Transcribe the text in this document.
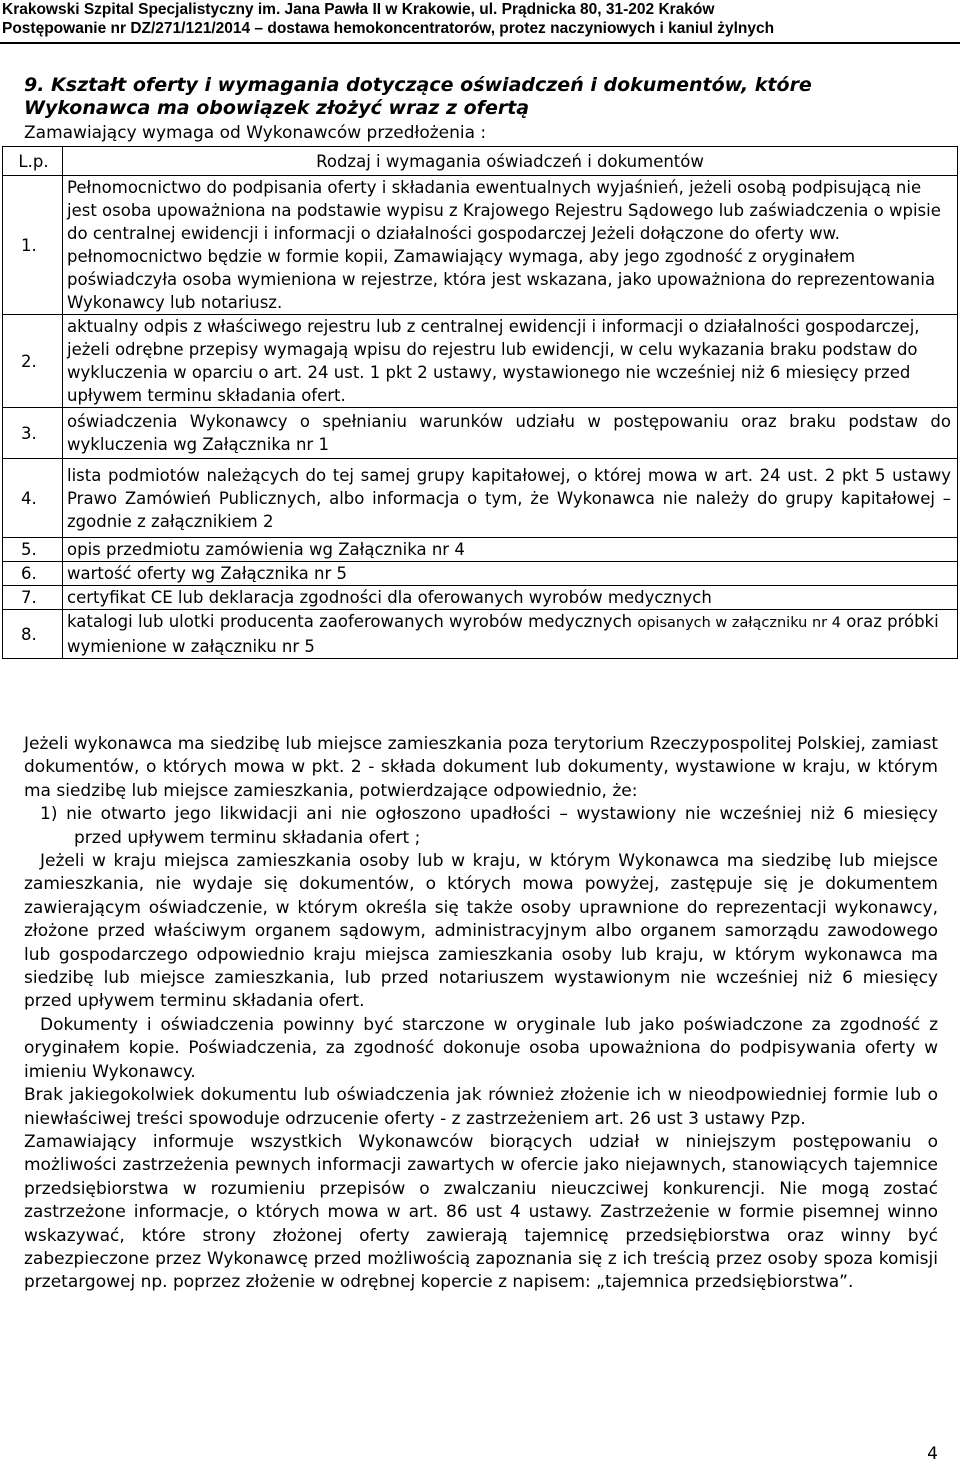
Krakowski Szpital Specjalistyczny im. Jana Pawła II w Krakowie, ul. Prądnicka 80, 31-202 Kraków
Postępowanie nr DZ/271/121/2014 – dostawa hemokoncentratorów, protez naczyniowych i kaniul żylnych
9. Kształt oferty i wymagania dotyczące oświadczeń i dokumentów, które Wykonawca ma obowiązek złożyć wraz z ofertą
Zamawiający wymaga od Wykonawców przedłożenia :
L.p.	Rodzaj i wymagania oświadczeń i dokumentów
1.	Pełnomocnictwo do podpisania oferty i składania ewentualnych wyjaśnień, jeżeli osobą podpisującą nie jest osoba upoważniona na podstawie wypisu z Krajowego Rejestru Sądowego lub zaświadczenia o wpisie do centralnej ewidencji i informacji o działalności gospodarczej Jeżeli dołączone do oferty ww. pełnomocnictwo będzie w formie kopii, Zamawiający wymaga, aby jego zgodność z oryginałem poświadczyła osoba wymieniona w rejestrze, która jest wskazana, jako upoważniona do reprezentowania Wykonawcy lub notariusz.
2.	aktualny odpis z właściwego rejestru lub z centralnej ewidencji i informacji o działalności gospodarczej, jeżeli odrębne przepisy wymagają wpisu do rejestru lub ewidencji, w celu wykazania braku podstaw do wykluczenia w oparciu o art. 24 ust. 1 pkt 2 ustawy, wystawionego nie wcześniej niż 6 miesięcy przed upływem terminu składania ofert.
3.	oświadczenia Wykonawcy o spełnianiu warunków udziału w postępowaniu oraz braku podstaw do wykluczenia wg Załącznika nr 1
4.	lista podmiotów należących do tej samej grupy kapitałowej, o której mowa w art. 24 ust. 2 pkt 5 ustawy Prawo Zamówień Publicznych, albo informacja o tym, że Wykonawca nie należy do grupy kapitałowej – zgodnie z załącznikiem 2
5.	opis przedmiotu zamówienia wg Załącznika nr 4
6.	wartość oferty wg Załącznika nr 5
7.	certyfikat CE lub deklaracja zgodności dla oferowanych wyrobów medycznych
8.	katalogi lub ulotki producenta zaoferowanych wyrobów medycznych opisanych w załączniku nr 4 oraz próbki wymienione w załączniku nr 5

Jeżeli wykonawca ma siedzibę lub miejsce zamieszkania poza terytorium Rzeczypospolitej Polskiej, zamiast dokumentów, o których mowa w pkt. 2 - składa dokument lub dokumenty, wystawione w kraju, w którym ma siedzibę lub miejsce zamieszkania, potwierdzające odpowiednio, że:

1) nie otwarto jego likwidacji ani nie ogłoszono upadłości – wystawiony nie wcześniej niż 6 miesięcy przed upływem terminu składania ofert ;

Jeżeli w kraju miejsca zamieszkania osoby lub w kraju, w którym Wykonawca ma siedzibę lub miejsce zamieszkania, nie wydaje się dokumentów, o których mowa powyżej, zastępuje się je dokumentem zawierającym oświadczenie, w którym określa się także osoby uprawnione do reprezentacji wykonawcy, złożone przed właściwym organem sądowym, administracyjnym albo organem samorządu zawodowego lub gospodarczego odpowiednio kraju miejsca zamieszkania osoby lub kraju, w którym wykonawca ma siedzibę lub miejsce zamieszkania, lub przed notariuszem wystawionym nie wcześniej niż 6 miesięcy przed upływem terminu składania ofert.

Dokumenty i oświadczenia powinny być starczone w oryginale lub jako poświadczone za zgodność z oryginałem kopie. Poświadczenia, za zgodność dokonuje osoba upoważniona do podpisywania oferty w imieniu Wykonawcy.

Brak jakiegokolwiek dokumentu lub oświadczenia jak również złożenie ich w nieodpowiedniej formie lub o niewłaściwej treści spowoduje odrzucenie oferty - z zastrzeżeniem art. 26 ust 3 ustawy Pzp.

Zamawiający informuje wszystkich Wykonawców biorących udział w niniejszym postępowaniu o możliwości zastrzeżenia pewnych informacji zawartych w ofercie jako niejawnych, stanowiących tajemnice przedsiębiorstwa w rozumieniu przepisów o zwalczaniu nieuczciwej konkurencji. Nie mogą zostać zastrzeżone informacje, o których mowa w art. 86 ust 4 ustawy. Zastrzeżenie w formie pisemnej winno wskazywać, które strony złożonej oferty zawierają tajemnicę przedsiębiorstwa oraz winny być zabezpieczone przez Wykonawcę przed możliwością zapoznania się z ich treścią przez osoby spoza komisji przetargowej np. poprzez złożenie w odrębnej kopercie z napisem: „tajemnica przedsiębiorstwa”.

4
